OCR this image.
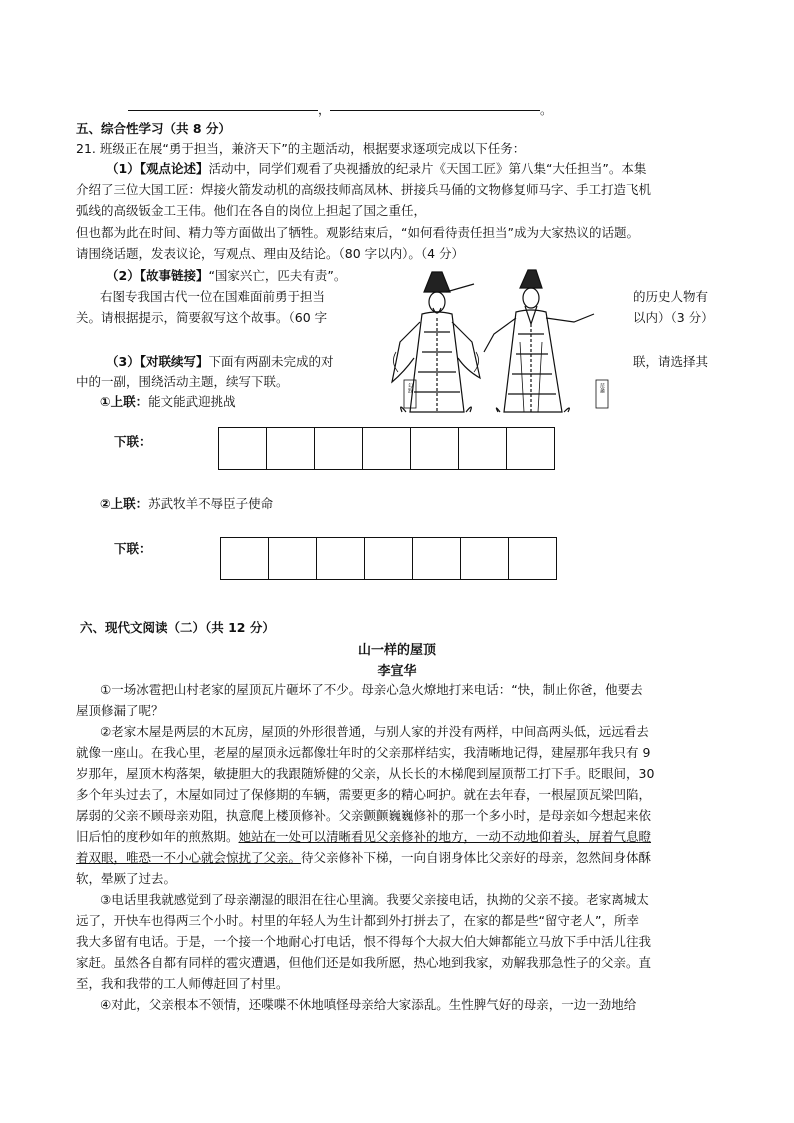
，	。
五、综合性学习（共 8 分）
21. 班级正在展“勇于担当，兼济天下”的主题活动，根据要求逐项完成以下任务：
（1）【观点论述】活动中，同学们观看了央视播放的纪录片《天国工匠》第八集“大任担当”。本集
介绍了三位大国工匠：焊接火箭发动机的高级技师高凤林、拼接兵马俑的文物修复师马字、手工打造飞机
弧线的高级钣金工王伟。他们在各自的岗位上担起了国之重任，
但也都为此在时间、精力等方面做出了牺牲。观影结束后，“如何看待责任担当”成为大家热议的话题。
请围绕话题，发表议论，写观点、理由及结论。（80 字以内）。（4 分）
（2）【故事链接】“国家兴亡，匹夫有责”。
右图专我国古代一位在国难面前勇于担当	的历史人物有
关。请根据提示，简要叙写这个故事。（60 字	以内）（3 分）
（3）【对联续写】下面有两副未完成的对	联，请选择其
中的一副，围绕活动主题，续写下联。
①上联：能文能武迎挑战
勾践	范蠡
下联：
②上联：苏武牧羊不辱臣子使命
下联：
六、现代文阅读（二）（共 12 分）
山一样的屋顶
李宣华
①一场冰雹把山村老家的屋顶瓦片砸坏了不少。母亲心急火燎地打来电话：“快，制止你爸，他要去
屋顶修漏了呢？
②老家木屋是两层的木瓦房，屋顶的外形很普通，与别人家的并没有两样，中间高两头低，远远看去
就像一座山。在我心里，老屋的屋顶永远都像壮年时的父亲那样结实，我清晰地记得，建屋那年我只有 9
岁那年，屋顶木构落架，敏捷胆大的我跟随矫健的父亲，从长长的木梯爬到屋顶帮工打下手。眨眼间，30
多个年头过去了，木屋如同过了保修期的车辆，需要更多的精心呵护。就在去年春，一根屋顶瓦梁凹陷，
孱弱的父亲不顾母亲劝阻，执意爬上楼顶修补。父亲颤颤巍巍修补的那一个多小时，是母亲如今想起来依
旧后怕的度秒如年的煎熬期。她站在一处可以清晰看见父亲修补的地方，一动不动地仰着头，屏着气息瞪
着双眼，唯恐一不小心就会惊扰了父亲。待父亲修补下梯，一向自诩身体比父亲好的母亲，忽然间身体酥
软，晕厥了过去。
③电话里我就感觉到了母亲潮湿的眼泪在往心里滴。我要父亲接电话，执拗的父亲不接。老家离城太
远了，开快车也得两三个小时。村里的年轻人为生计都到外打拼去了，在家的都是些“留守老人”，所幸
我大多留有电话。于是，一个接一个地耐心打电话，恨不得每个大叔大伯大婶都能立马放下手中活儿往我
家赶。虽然各自都有同样的雹灾遭遇，但他们还是如我所愿，热心地到我家，劝解我那急性子的父亲。直
至，我和我带的工人师傅赶回了村里。
④对此，父亲根本不领情，还喋喋不休地嗔怪母亲给大家添乱。生性脾气好的母亲，一边一劲地给
